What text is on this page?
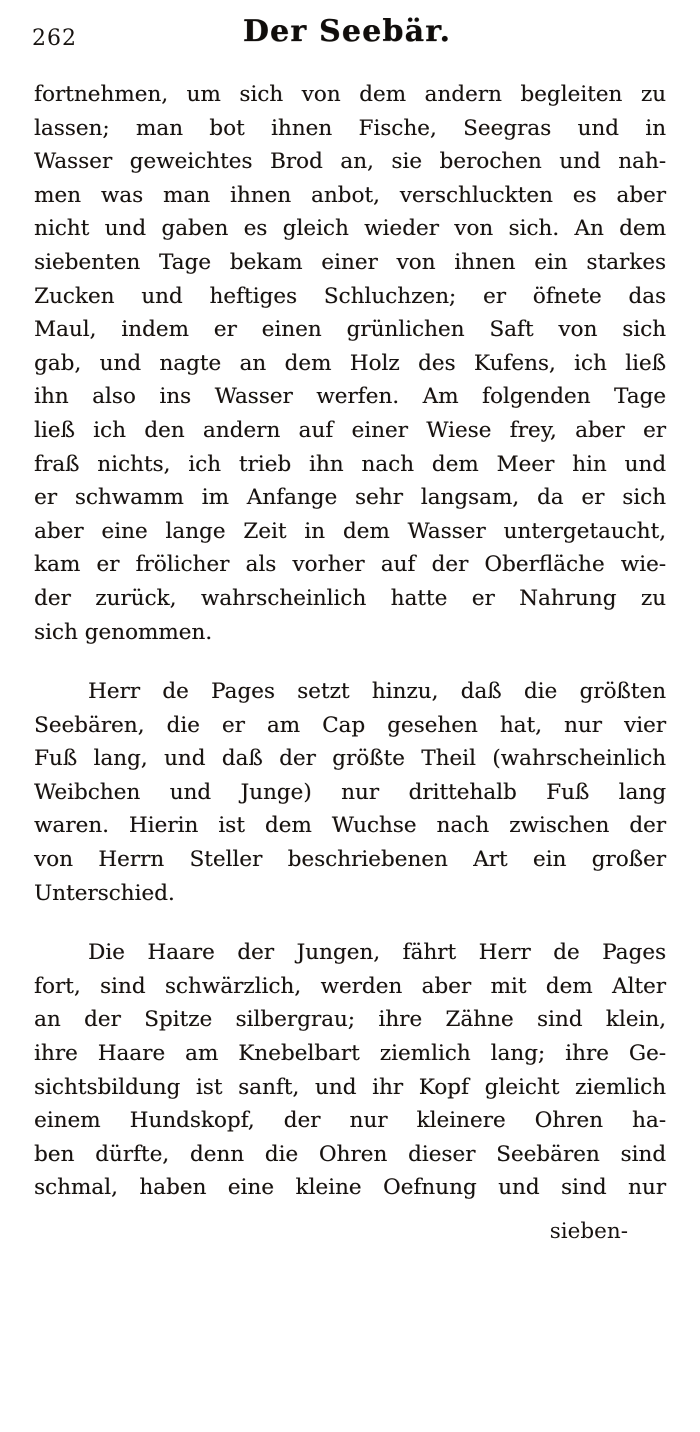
262	Der Seebär.
fortnehmen, um sich von dem andern begleiten zu
lassen; man bot ihnen Fische, Seegras und in
Wasser geweichtes Brod an, sie berochen und nah-
men was man ihnen anbot, verschluckten es aber
nicht und gaben es gleich wieder von sich. An dem
siebenten Tage bekam einer von ihnen ein starkes
Zucken und heftiges Schluchzen; er öfnete das
Maul, indem er einen grünlichen Saft von sich
gab, und nagte an dem Holz des Kufens, ich ließ
ihn also ins Wasser werfen. Am folgenden Tage
ließ ich den andern auf einer Wiese frey, aber er
fraß nichts, ich trieb ihn nach dem Meer hin und
er schwamm im Anfange sehr langsam, da er sich
aber eine lange Zeit in dem Wasser untergetaucht,
kam er frölicher als vorher auf der Oberfläche wie-
der zurück, wahrscheinlich hatte er Nahrung zu
sich genommen.
Herr de Pages setzt hinzu, daß die größten
Seebären, die er am Cap gesehen hat, nur vier
Fuß lang, und daß der größte Theil (wahrscheinlich
Weibchen und Junge) nur drittehalb Fuß lang
waren. Hierin ist dem Wuchse nach zwischen der
von Herrn Steller beschriebenen Art ein großer
Unterschied.
Die Haare der Jungen, fährt Herr de Pages
fort, sind schwärzlich, werden aber mit dem Alter
an der Spitze silbergrau; ihre Zähne sind klein,
ihre Haare am Knebelbart ziemlich lang; ihre Ge-
sichtsbildung ist sanft, und ihr Kopf gleicht ziemlich
einem Hundskopf, der nur kleinere Ohren ha-
ben dürfte, denn die Ohren dieser Seebären sind
schmal, haben eine kleine Oefnung und sind nur
sieben-
